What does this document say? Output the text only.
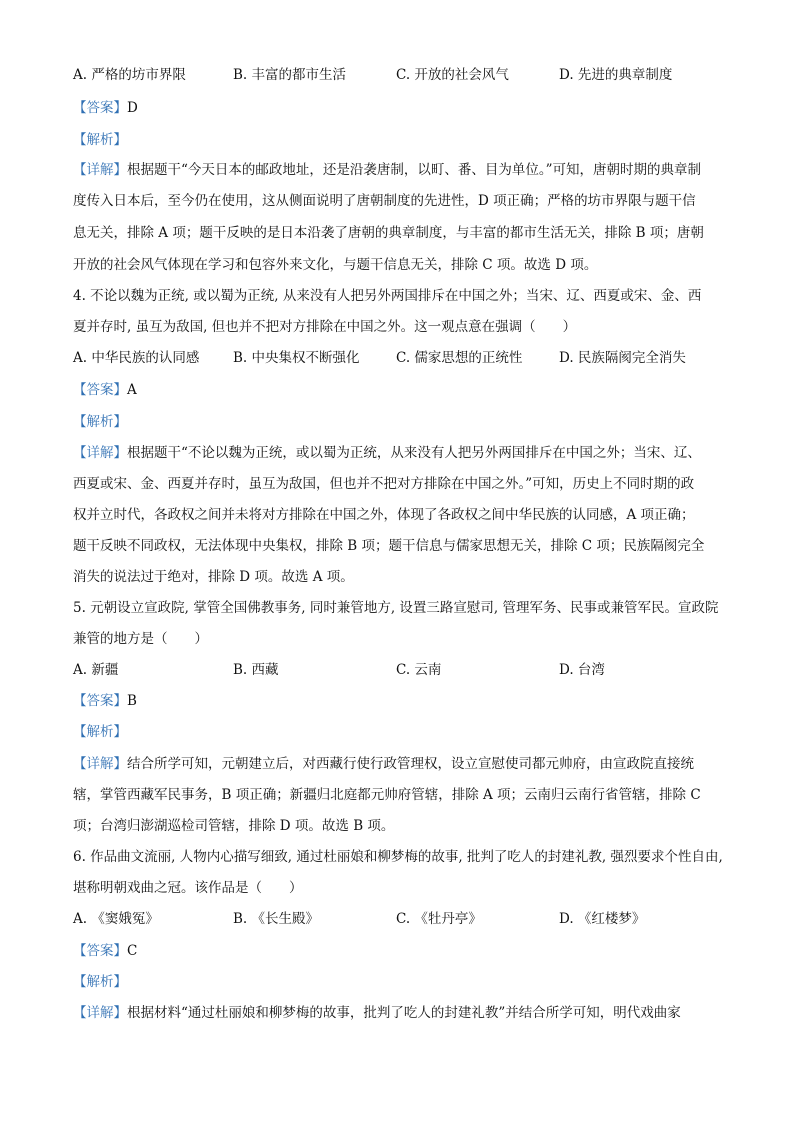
A. 严格的坊市界限	B. 丰富的都市生活	C. 开放的社会风气	D. 先进的典章制度
【答案】D
【解析】
【详解】根据题干“今天日本的邮政地址，还是沿袭唐制，以町、番、目为单位。”可知，唐朝时期的典章制
度传入日本后，至今仍在使用，这从侧面说明了唐朝制度的先进性，D 项正确；严格的坊市界限与题干信
息无关，排除 A 项；题干反映的是日本沿袭了唐朝的典章制度，与丰富的都市生活无关，排除 B 项；唐朝
开放的社会风气体现在学习和包容外来文化，与题干信息无关，排除 C 项。故选 D 项。
4. 不论以魏为正统, 或以蜀为正统, 从来没有人把另外两国排斥在中国之外；当宋、辽、西夏或宋、金、西
夏并存时, 虽互为敌国, 但也并不把对方排除在中国之外。这一观点意在强调（　　）
A. 中华民族的认同感 B. 中央集权不断强化	C. 儒家思想的正统性	D. 民族隔阂完全消失
【答案】A
【解析】
【详解】根据题干“不论以魏为正统，或以蜀为正统，从来没有人把另外两国排斥在中国之外；当宋、辽、
西夏或宋、金、西夏并存时，虽互为敌国，但也并不把对方排除在中国之外。”可知，历史上不同时期的政
权并立时代，各政权之间并未将对方排除在中国之外，体现了各政权之间中华民族的认同感，A 项正确；
题干反映不同政权，无法体现中央集权，排除 B 项；题干信息与儒家思想无关，排除 C 项；民族隔阂完全
消失的说法过于绝对，排除 D 项。故选 A 项。
5. 元朝设立宣政院, 掌管全国佛教事务, 同时兼管地方, 设置三路宣慰司, 管理军务、民事或兼管军民。宣政院
兼管的地方是（　　）
A. 新疆	B. 西藏	C. 云南	D. 台湾
【答案】B
【解析】
【详解】结合所学可知，元朝建立后，对西藏行使行政管理权，设立宣慰使司都元帅府，由宣政院直接统
辖，掌管西藏军民事务，B 项正确；新疆归北庭都元帅府管辖，排除 A 项；云南归云南行省管辖，排除 C
项；台湾归澎湖巡检司管辖，排除 D 项。故选 B 项。
6. 作品曲文流丽, 人物内心描写细致, 通过杜丽娘和柳梦梅的故事, 批判了吃人的封建礼教, 强烈要求个性自由,
堪称明朝戏曲之冠。该作品是（　　）
A. 《窦娥冤》	B. 《长生殿》	C. 《牡丹亭》	D. 《红楼梦》
【答案】C
【解析】
【详解】根据材料“通过杜丽娘和柳梦梅的故事，批判了吃人的封建礼教”并结合所学可知，明代戏曲家
